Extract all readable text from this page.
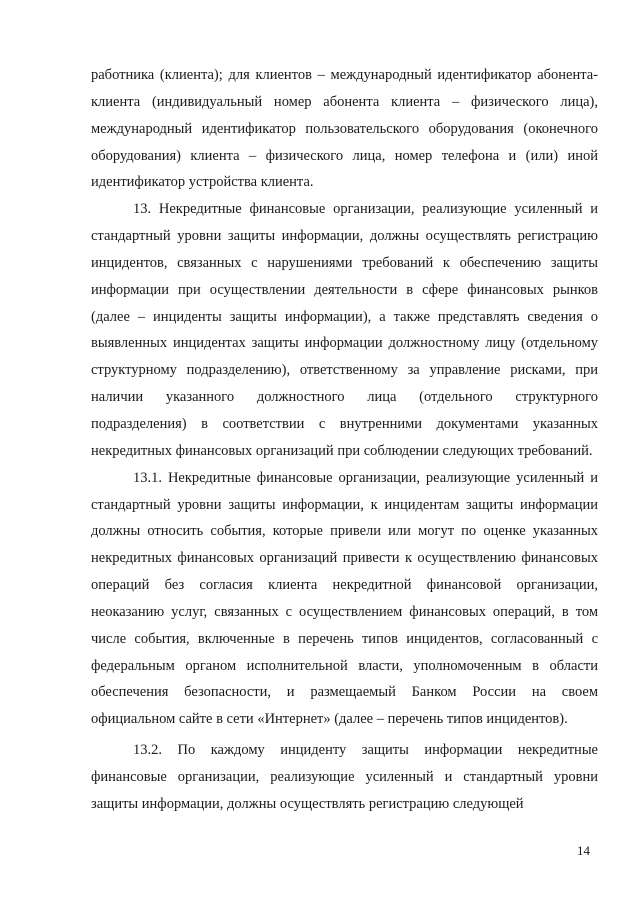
работника (клиента); для клиентов – международный идентификатор абонента-клиента (индивидуальный номер абонента клиента – физического лица), международный идентификатор пользовательского оборудования (оконечного оборудования) клиента – физического лица, номер телефона и (или) иной идентификатор устройства клиента.

13. Некредитные финансовые организации, реализующие усиленный и стандартный уровни защиты информации, должны осуществлять регистрацию инцидентов, связанных с нарушениями требований к обеспечению защиты информации при осуществлении деятельности в сфере финансовых рынков (далее – инциденты защиты информации), а также представлять сведения о выявленных инцидентах защиты информации должностному лицу (отдельному структурному подразделению), ответственному за управление рисками, при наличии указанного должностного лица (отдельного структурного подразделения) в соответствии с внутренними документами указанных некредитных финансовых организаций при соблюдении следующих требований.

13.1. Некредитные финансовые организации, реализующие усиленный и стандартный уровни защиты информации, к инцидентам защиты информации должны относить события, которые привели или могут по оценке указанных некредитных финансовых организаций привести к осуществлению финансовых операций без согласия клиента некредитной финансовой организации, неоказанию услуг, связанных с осуществлением финансовых операций, в том числе события, включенные в перечень типов инцидентов, согласованный с федеральным органом исполнительной власти, уполномоченным в области обеспечения безопасности, и размещаемый Банком России на своем официальном сайте в сети «Интернет» (далее – перечень типов инцидентов).

13.2. По каждому инциденту защиты информации некредитные финансовые организации, реализующие усиленный и стандартный уровни защиты информации, должны осуществлять регистрацию следующей

14
